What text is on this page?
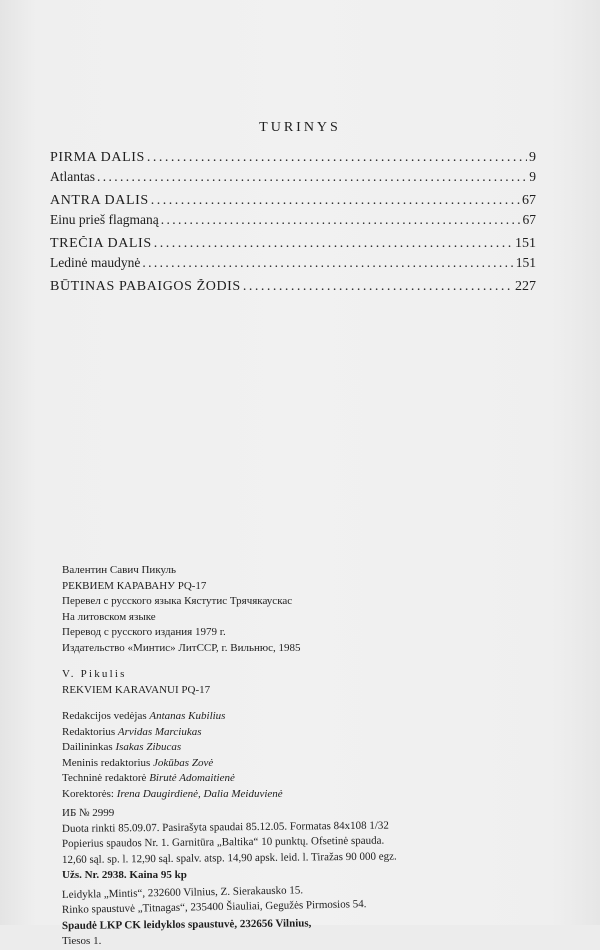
TURINYS
PIRMA DALIS . . .	9
Atlantas . . .	9
ANTRA DALIS . . .	67
Einu prieš flagmaną . . .	67
TREČIA DALIS . . .	151
Ledinė maudynė . . .	151
BŪTINAS PABAIGOS ŽODIS . . .	227
Валентин Савич Пикуль
РЕКВИЕМ КАРАВАНУ PQ-17
Перевел с русского языка Кястутис Трячякаускас
На литовском языке
Перевод с русского издания 1979 г.
Издательство «Минтис» ЛитССР, г. Вильнюс, 1985
V. Pikulis
REKVIEM KARAVANUI PQ-17
Redakcijos vedėjas Antanas Kubilius
Redaktorius Arvidas Marciukas
Dailininkas Isakas Zibucas
Meninis redaktorius Jokūbas Zovė
Techninė redaktorė Birutė Adomaitienė
Korektorės: Irena Daugirdienė, Dalia Meiduvienė
ИБ № 2999
Duota rinkti 85.09.07. Pasirašyta spaudai 85.12.05. Formatas 84x108 1/32
Popierius spaudos Nr. 1. Garnitūra „Baltika“ 10 punktų. Ofsetinė spauda.
12,60 sąl. sp. l. 12,90 sąl. spalv. atsp. 14,90 apsk. leid. l. Tiražas 90 000 egz.
Užs. Nr. 2938. Kaina 95 kp
Leidykla „Mintis“, 232600 Vilnius, Z. Sierakausko 15.
Rinko spaustuvė „Titnagas“, 235400 Šiauliai, Gegužės Pirmosios 54.
Spaudė LKP CK leidyklos spaustuvė, 232656 Vilnius,
Tiesos 1.
